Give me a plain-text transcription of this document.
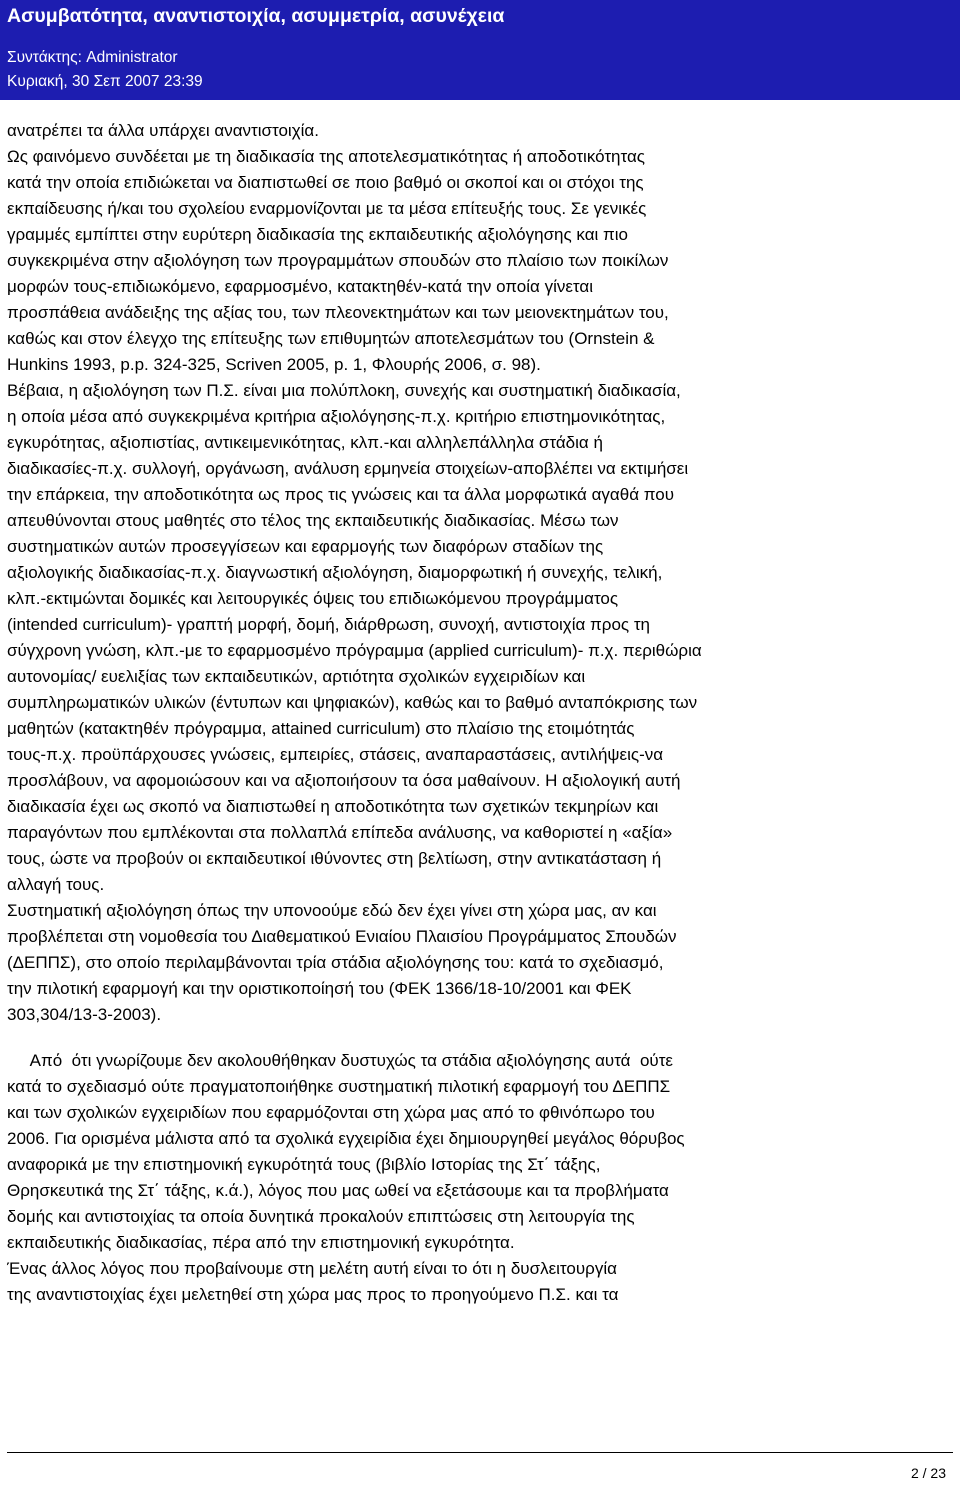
Ασυμβατότητα, αναντιστοιχία, ασυμμετρία, ασυνέχεια
Συντάκτης: Administrator
Κυριακή, 30 Σεπ 2007 23:39
ανατρέπει τα άλλα υπάρχει αναντιστοιχία.
Ως φαινόμενο συνδέεται με τη διαδικασία της αποτελεσματικότητας ή αποδοτικότητας
κατά την οποία επιδιώκεται να διαπιστωθεί σε ποιο βαθμό οι σκοποί και οι στόχοι της
εκπαίδευσης ή/και του σχολείου εναρμονίζονται με τα μέσα επίτευξής τους. Σε γενικές
γραμμές εμπίπτει στην ευρύτερη διαδικασία της εκπαιδευτικής αξιολόγησης και πιο
συγκεκριμένα στην αξιολόγηση των προγραμμάτων σπουδών στο πλαίσιο των ποικίλων
μορφών τους-επιδιωκόμενο, εφαρμοσμένο, κατακτηθέν-κατά την οποία γίνεται
προσπάθεια ανάδειξης της αξίας του, των πλεονεκτημάτων και των μειονεκτημάτων του,
καθώς και στον έλεγχο της επίτευξης των επιθυμητών αποτελεσμάτων του (Ornstein &
Hunkins 1993, p.p. 324-325, Scriven 2005, p. 1, Φλουρής 2006, σ. 98).
Βέβαια, η αξιολόγηση των Π.Σ. είναι μια πολύπλοκη, συνεχής και συστηματική διαδικασία,
η οποία μέσα από συγκεκριμένα κριτήρια αξιολόγησης-π.χ. κριτήριο επιστημονικότητας,
εγκυρότητας, αξιοπιστίας, αντικειμενικότητας, κλπ.-και αλληλεπάλληλα στάδια ή
διαδικασίες-π.χ. συλλογή, οργάνωση, ανάλυση ερμηνεία στοιχείων-αποβλέπει να εκτιμήσει
την επάρκεια, την αποδοτικότητα ως προς τις γνώσεις και τα άλλα μορφωτικά αγαθά που
απευθύνονται στους μαθητές στο τέλος της εκπαιδευτικής διαδικασίας. Μέσω των
συστηματικών αυτών προσεγγίσεων και εφαρμογής των διαφόρων σταδίων της
αξιολογικής διαδικασίας-π.χ. διαγνωστική αξιολόγηση, διαμορφωτική ή συνεχής, τελική,
κλπ.-εκτιμώνται δομικές και λειτουργικές όψεις του επιδιωκόμενου προγράμματος
(intended curriculum)- γραπτή μορφή, δομή, διάρθρωση, συνοχή, αντιστοιχία προς τη
σύγχρονη γνώση, κλπ.-με το εφαρμοσμένο πρόγραμμα (applied curriculum)- π.χ. περιθώρια
αυτονομίας/ ευελιξίας των εκπαιδευτικών, αρτιότητα σχολικών εγχειριδίων και
συμπληρωματικών υλικών (έντυπων και ψηφιακών), καθώς και το βαθμό ανταπόκρισης των
μαθητών (κατακτηθέν πρόγραμμα, attained curriculum) στο πλαίσιο της ετοιμότητάς
τους-π.χ. προϋπάρχουσες γνώσεις, εμπειρίες, στάσεις, αναπαραστάσεις, αντιλήψεις-να
προσλάβουν, να αφομοιώσουν και να αξιοποιήσουν τα όσα μαθαίνουν. Η αξιολογική αυτή
διαδικασία έχει ως σκοπό να διαπιστωθεί η αποδοτικότητα των σχετικών τεκμηρίων και
παραγόντων που εμπλέκονται στα πολλαπλά επίπεδα ανάλυσης, να καθοριστεί η «αξία»
τους, ώστε να προβούν οι εκπαιδευτικοί ιθύνοντες στη βελτίωση, στην αντικατάσταση ή
αλλαγή τους.
Συστηματική αξιολόγηση όπως την υπονοούμε εδώ δεν έχει γίνει στη χώρα μας, αν και
προβλέπεται στη νομοθεσία του Διαθεματικού Ενιαίου Πλαισίου Προγράμματος Σπουδών
(ΔΕΠΠΣ), στο οποίο περιλαμβάνονται τρία στάδια αξιολόγησης του: κατά το σχεδιασμό,
την πιλοτική εφαρμογή και την οριστικοποίησή του (ΦΕΚ 1366/18-10/2001 και ΦΕΚ
303,304/13-3-2003).
Από  ότι γνωρίζουμε δεν ακολουθήθηκαν δυστυχώς τα στάδια αξιολόγησης αυτά  ούτε
κατά το σχεδιασμό ούτε πραγματοποιήθηκε συστηματική πιλοτική εφαρμογή του ΔΕΠΠΣ
και των σχολικών εγχειριδίων που εφαρμόζονται στη χώρα μας από το φθινόπωρο του
2006. Για ορισμένα μάλιστα από τα σχολικά εγχειρίδια έχει δημιουργηθεί μεγάλος θόρυβος
αναφορικά με την επιστημονική εγκυρότητά τους (βιβλίο Ιστορίας της Στ΄ τάξης,
Θρησκευτικά της Στ΄ τάξης, κ.ά.), λόγος που μας ωθεί να εξετάσουμε και τα προβλήματα
δομής και αντιστοιχίας τα οποία δυνητικά προκαλούν επιπτώσεις στη λειτουργία της
εκπαιδευτικής διαδικασίας, πέρα από την επιστημονική εγκυρότητα.
Ένας άλλος λόγος που προβαίνουμε στη μελέτη αυτή είναι το ότι η δυσλειτουργία
της αναντιστοιχίας έχει μελετηθεί στη χώρα μας προς το προηγούμενο Π.Σ. και τα
2 / 23
